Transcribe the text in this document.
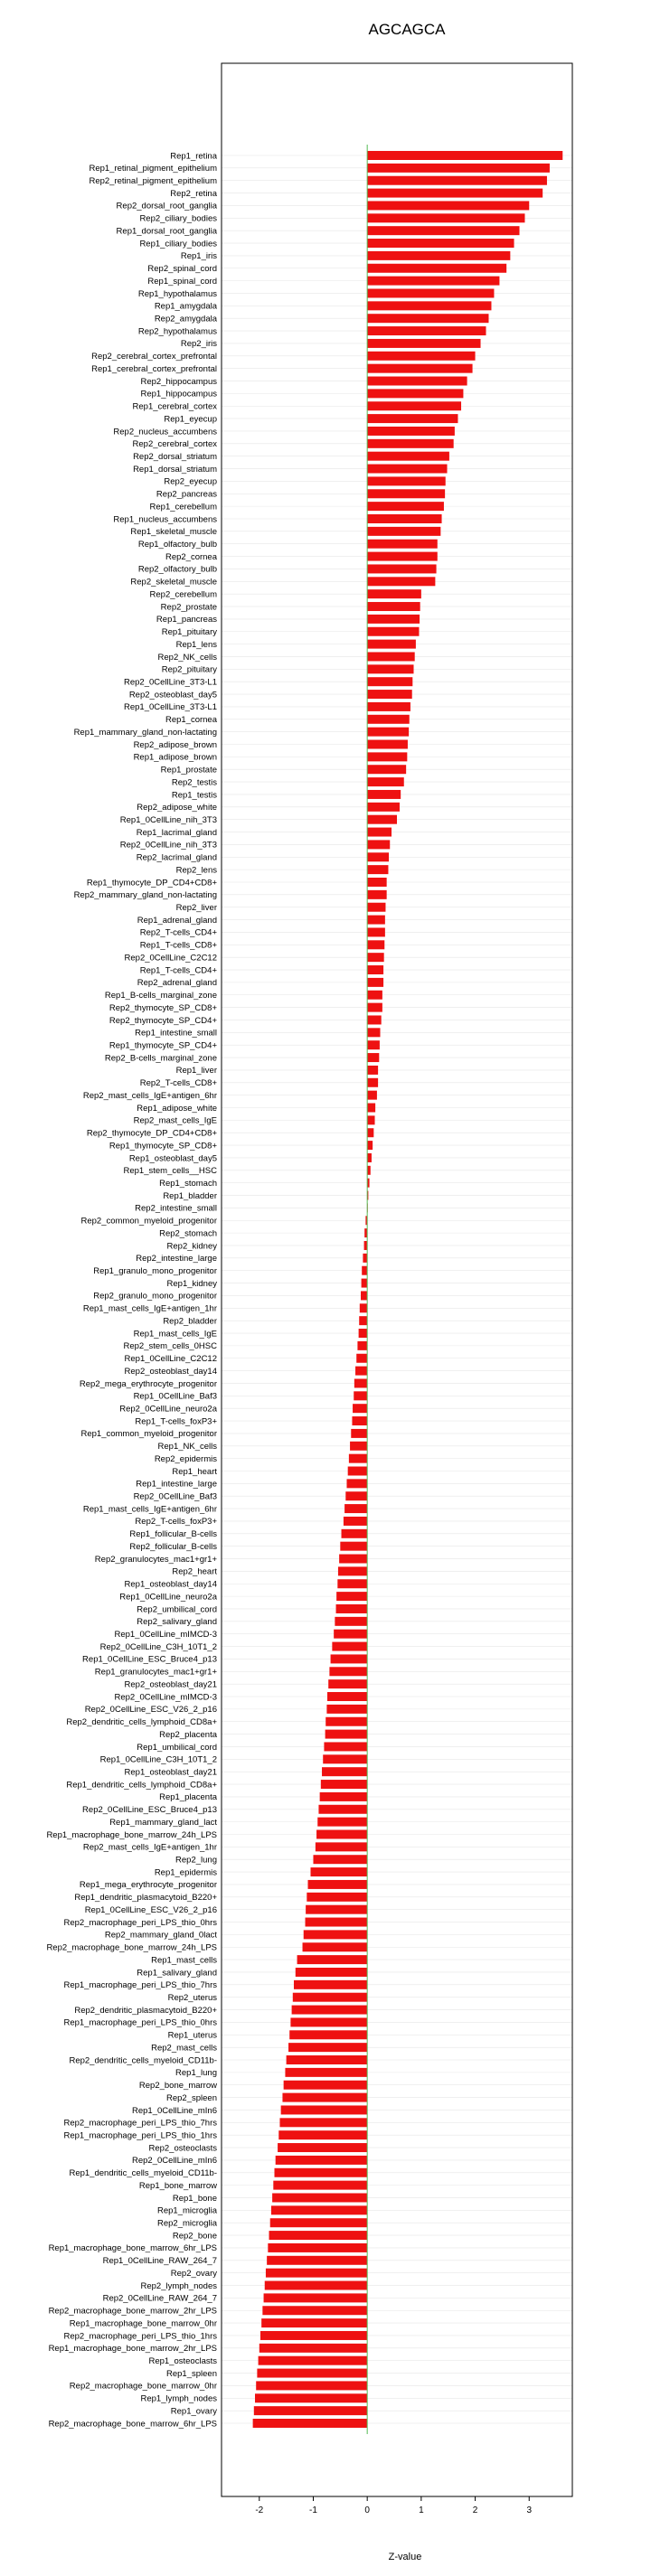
AGCAGCA
Rep1_retina
Rep1_retinal_pigment_epithelium
Rep2_retinal_pigment_epithelium
Rep2_retina
Rep2_dorsal_root_ganglia
Rep2_ciliary_bodies
Rep1_dorsal_root_ganglia
Rep1_ciliary_bodies
Rep1_iris
Rep2_spinal_cord
Rep1_spinal_cord
Rep1_hypothalamus
Rep1_amygdala
Rep2_amygdala
Rep2_hypothalamus
Rep2_iris
Rep2_cerebral_cortex_prefrontal
Rep1_cerebral_cortex_prefrontal
Rep2_hippocampus
Rep1_hippocampus
Rep1_cerebral_cortex
Rep1_eyecup
Rep2_nucleus_accumbens
Rep2_cerebral_cortex
Rep2_dorsal_striatum
Rep1_dorsal_striatum
Rep2_eyecup
Rep2_pancreas
Rep1_cerebellum
Rep1_nucleus_accumbens
Rep1_skeletal_muscle
Rep1_olfactory_bulb
Rep2_cornea
Rep2_olfactory_bulb
Rep2_skeletal_muscle
Rep2_cerebellum
Rep2_prostate
Rep1_pancreas
Rep1_pituitary
Rep1_lens
Rep2_NK_cells
Rep2_pituitary
Rep2_0CellLine_3T3-L1
Rep2_osteoblast_day5
Rep1_0CellLine_3T3-L1
Rep1_cornea
Rep1_mammary_gland_non-lactating
Rep2_adipose_brown
Rep1_adipose_brown
Rep1_prostate
Rep2_testis
Rep1_testis
Rep2_adipose_white
Rep1_0CellLine_nih_3T3
Rep1_lacrimal_gland
Rep2_0CellLine_nih_3T3
Rep2_lacrimal_gland
Rep2_lens
Rep1_thymocyte_DP_CD4+CD8+
Rep2_mammary_gland_non-lactating
Rep2_liver
Rep1_adrenal_gland
Rep2_T-cells_CD4+
Rep1_T-cells_CD8+
Rep2_0CellLine_C2C12
Rep1_T-cells_CD4+
Rep2_adrenal_gland
Rep1_B-cells_marginal_zone
Rep2_thymocyte_SP_CD8+
Rep2_thymocyte_SP_CD4+
Rep1_intestine_small
Rep1_thymocyte_SP_CD4+
Rep2_B-cells_marginal_zone
Rep1_liver
Rep2_T-cells_CD8+
Rep2_mast_cells_IgE+antigen_6hr
Rep1_adipose_white
Rep2_mast_cells_IgE
Rep2_thymocyte_DP_CD4+CD8+
Rep1_thymocyte_SP_CD8+
Rep1_osteoblast_day5
Rep1_stem_cells__HSC
Rep1_stomach
Rep1_bladder
Rep2_intestine_small
Rep2_common_myeloid_progenitor
Rep2_stomach
Rep2_kidney
Rep2_intestine_large
Rep1_granulo_mono_progenitor
Rep1_kidney
Rep2_granulo_mono_progenitor
Rep1_mast_cells_IgE+antigen_1hr
Rep2_bladder
Rep1_mast_cells_IgE
Rep2_stem_cells_0HSC
Rep1_0CellLine_C2C12
Rep2_osteoblast_day14
Rep2_mega_erythrocyte_progenitor
Rep1_0CellLine_Baf3
Rep2_0CellLine_neuro2a
Rep1_T-cells_foxP3+
Rep1_common_myeloid_progenitor
Rep1_NK_cells
Rep2_epidermis
Rep1_heart
Rep1_intestine_large
Rep2_0CellLine_Baf3
Rep1_mast_cells_IgE+antigen_6hr
Rep2_T-cells_foxP3+
Rep1_follicular_B-cells
Rep2_follicular_B-cells
Rep2_granulocytes_mac1+gr1+
Rep2_heart
Rep1_osteoblast_day14
Rep1_0CellLine_neuro2a
Rep2_umbilical_cord
Rep2_salivary_gland
Rep1_0CellLine_mIMCD-3
Rep2_0CellLine_C3H_10T1_2
Rep1_0CellLine_ESC_Bruce4_p13
Rep1_granulocytes_mac1+gr1+
Rep2_osteoblast_day21
Rep2_0CellLine_mIMCD-3
Rep2_0CellLine_ESC_V26_2_p16
Rep2_dendritic_cells_lymphoid_CD8a+
Rep2_placenta
Rep1_umbilical_cord
Rep1_0CellLine_C3H_10T1_2
Rep1_osteoblast_day21
Rep1_dendritic_cells_lymphoid_CD8a+
Rep1_placenta
Rep2_0CellLine_ESC_Bruce4_p13
Rep1_mammary_gland_lact
Rep1_macrophage_bone_marrow_24h_LPS
Rep2_mast_cells_IgE+antigen_1hr
Rep2_lung
Rep1_epidermis
Rep1_mega_erythrocyte_progenitor
Rep1_dendritic_plasmacytoid_B220+
Rep1_0CellLine_ESC_V26_2_p16
Rep2_macrophage_peri_LPS_thio_0hrs
Rep2_mammary_gland_0lact
Rep2_macrophage_bone_marrow_24h_LPS
Rep1_mast_cells
Rep1_salivary_gland
Rep1_macrophage_peri_LPS_thio_7hrs
Rep2_uterus
Rep2_dendritic_plasmacytoid_B220+
Rep1_macrophage_peri_LPS_thio_0hrs
Rep1_uterus
Rep2_mast_cells
Rep2_dendritic_cells_myeloid_CD11b-
Rep1_lung
Rep2_bone_marrow
Rep2_spleen
Rep1_0CellLine_mIn6
Rep2_macrophage_peri_LPS_thio_7hrs
Rep1_macrophage_peri_LPS_thio_1hrs
Rep2_osteoclasts
Rep2_0CellLine_mIn6
Rep1_dendritic_cells_myeloid_CD11b-
Rep1_bone_marrow
Rep1_bone
Rep1_microglia
Rep2_microglia
Rep2_bone
Rep1_macrophage_bone_marrow_6hr_LPS
Rep1_0CellLine_RAW_264_7
Rep2_ovary
Rep2_lymph_nodes
Rep2_0CellLine_RAW_264_7
Rep2_macrophage_bone_marrow_2hr_LPS
Rep1_macrophage_bone_marrow_0hr
Rep2_macrophage_peri_LPS_thio_1hrs
Rep1_macrophage_bone_marrow_2hr_LPS
Rep1_osteoclasts
Rep1_spleen
Rep2_macrophage_bone_marrow_0hr
Rep1_lymph_nodes
Rep1_ovary
Rep2_macrophage_bone_marrow_6hr_LPS
-2	-1	0	1	2	3
Z-value
